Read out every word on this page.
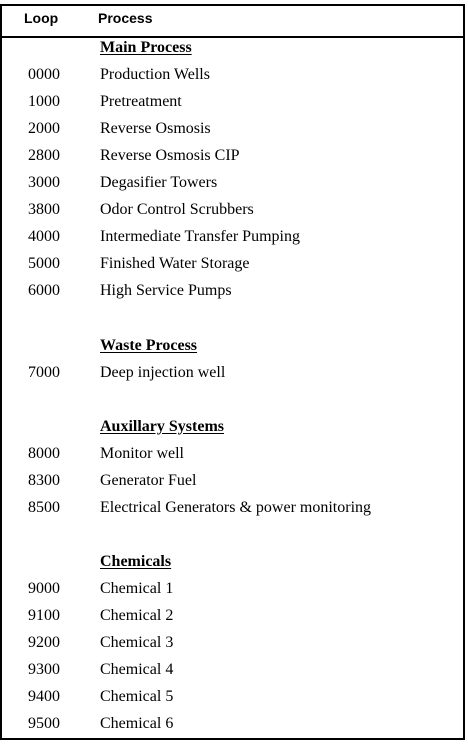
Loop	Process
Main Process
0000	Production Wells
1000	Pretreatment
2000	Reverse Osmosis
2800	Reverse Osmosis CIP
3000	Degasifier Towers
3800	Odor Control Scrubbers
4000	Intermediate Transfer Pumping
5000	Finished Water Storage
6000	High Service Pumps
Waste Process
7000	Deep injection well
Auxillary Systems
8000	Monitor well
8300	Generator Fuel
8500	Electrical Generators & power monitoring
Chemicals
9000	Chemical 1
9100	Chemical 2
9200	Chemical 3
9300	Chemical 4
9400	Chemical 5
9500	Chemical 6
